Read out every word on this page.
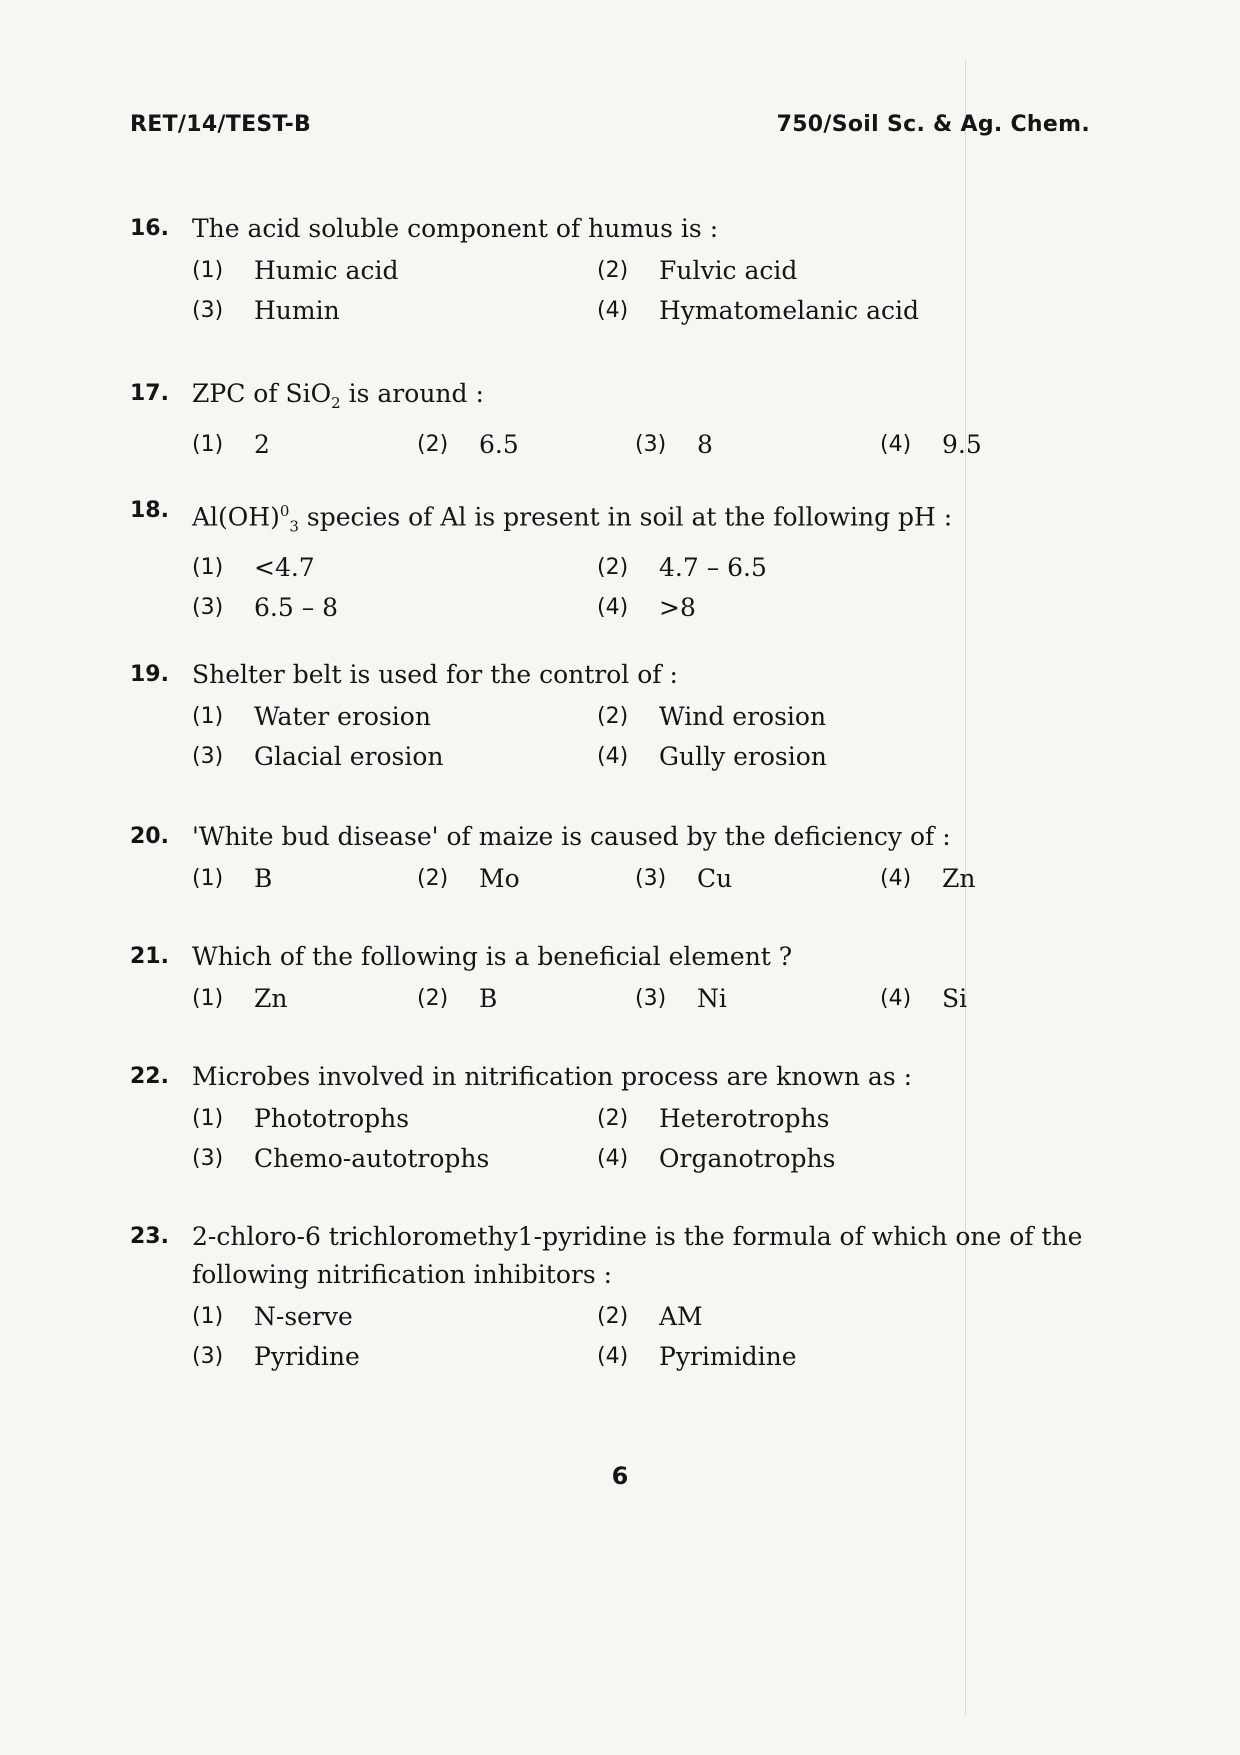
RET/14/TEST-B	750/Soil Sc. & Ag. Chem.
16. The acid soluble component of humus is :
(1)	Humic acid	(2)	Fulvic acid
(3)	Humin	(4)	Hymatomelanic acid
17. ZPC of SiO$_2$ is around :
(1)	2	(2)	6.5	(3)	8	(4)	9.5
18. Al(OH)$^0_3$ species of Al is present in soil at the following pH :
(1)	<4.7	(2)	4.7 – 6.5
(3)	6.5 – 8	(4)	>8
19. Shelter belt is used for the control of :
(1)	Water erosion	(2)	Wind erosion
(3)	Glacial erosion	(4)	Gully erosion
20. 'White bud disease' of maize is caused by the deficiency of :
(1)	B	(2)	Mo	(3)	Cu	(4)	Zn
21. Which of the following is a beneficial element ?
(1)	Zn	(2)	B	(3)	Ni	(4)	Si
22. Microbes involved in nitrification process are known as :
(1)	Phototrophs	(2)	Heterotrophs
(3)	Chemo-autotrophs	(4)	Organotrophs
23. 2-chloro-6 trichloromethy1-pyridine is the formula of which one of the following nitrification inhibitors :
(1)	N-serve	(2)	AM
(3)	Pyridine	(4)	Pyrimidine
6
